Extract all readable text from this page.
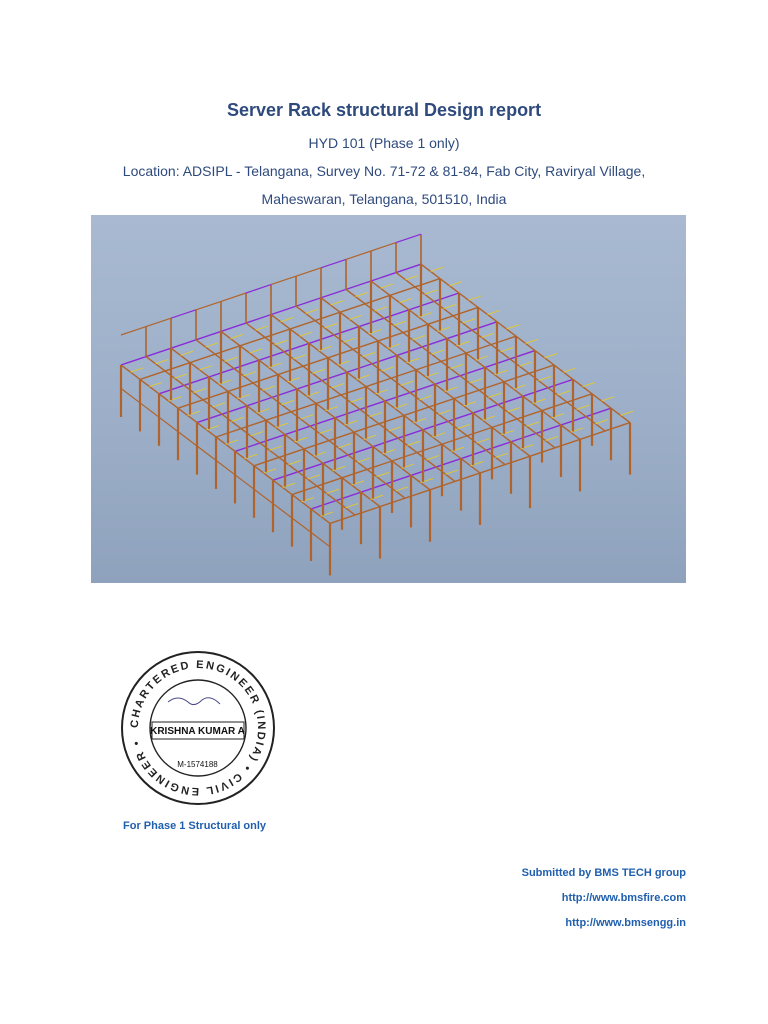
Server Rack structural Design report
HYD 101 (Phase 1 only)
Location: ADSIPL - Telangana, Survey No. 71-72 & 81-84, Fab City, Raviryal Village,
Maheswaran, Telangana, 501510, India
CHARTERED ENGINEER (INDIA) • CIVIL ENGINEER •
KRISHNA KUMAR A
M-1574188
For Phase 1 Structural only
Submitted by BMS TECH group
http://www.bmsfire.com
http://www.bmsengg.in
